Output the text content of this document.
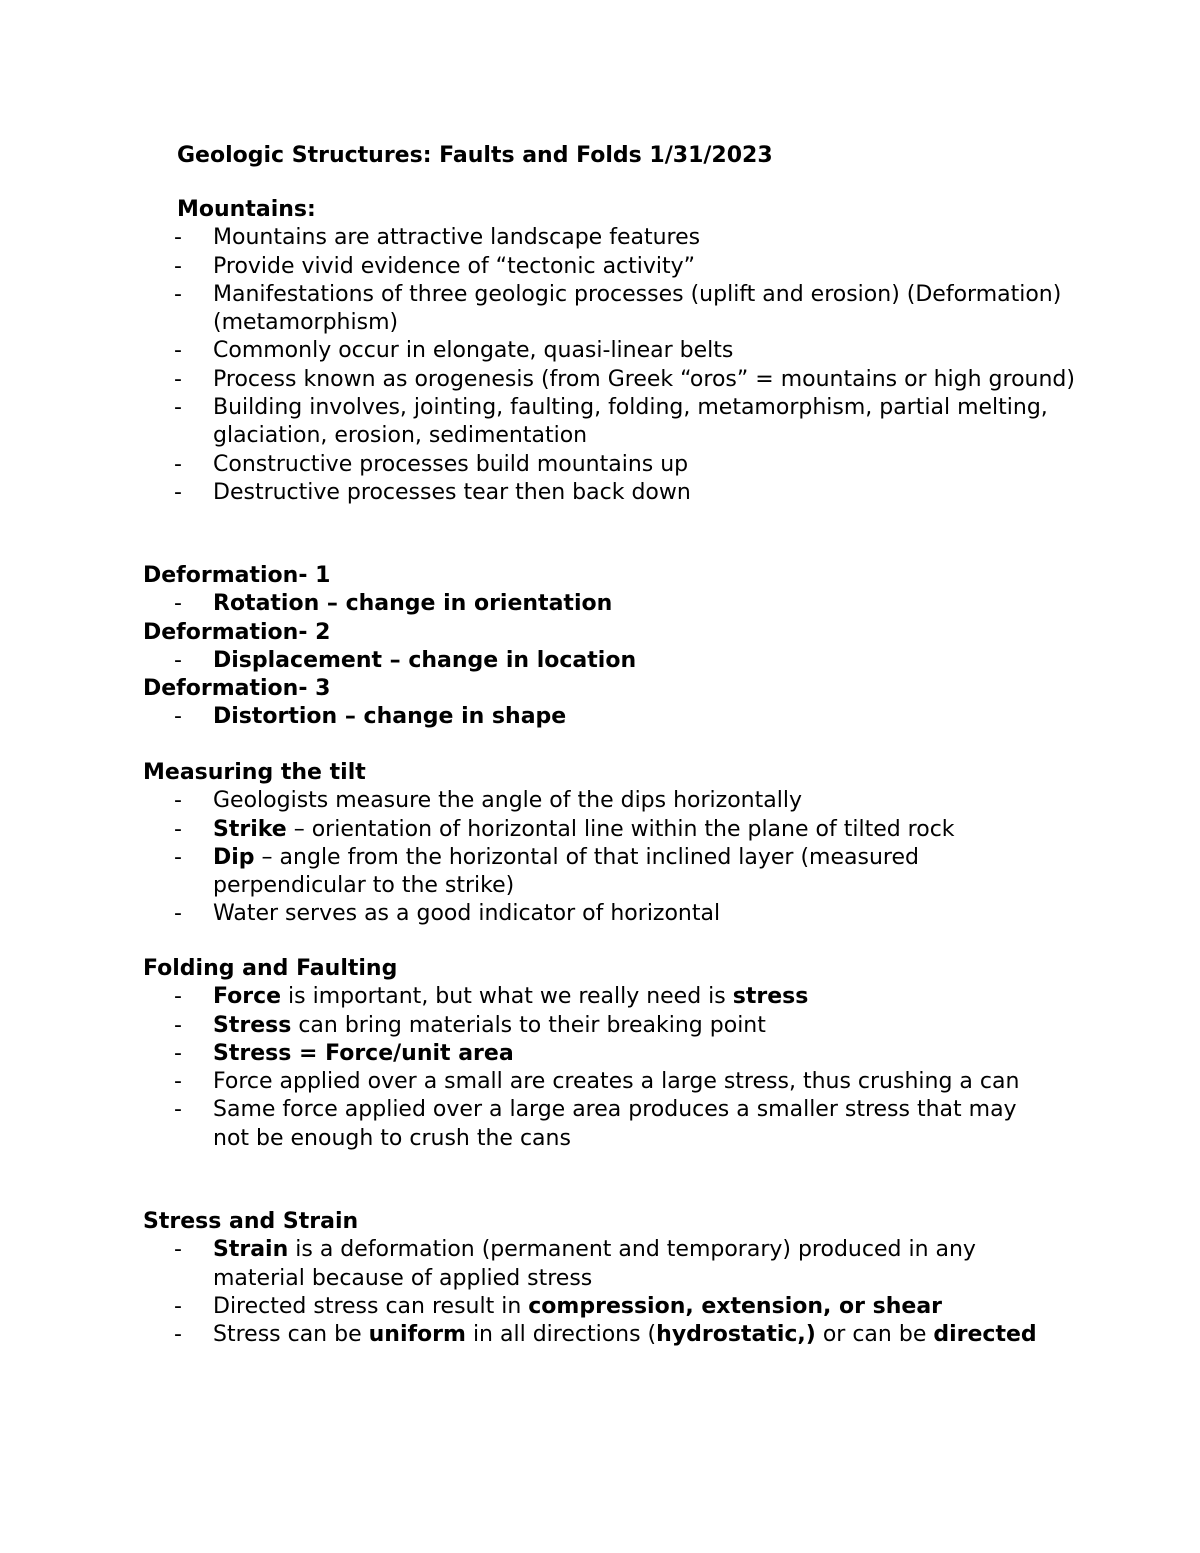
Geologic Structures: Faults and Folds 1/31/2023
Mountains:
- Mountains are attractive landscape features
- Provide vivid evidence of “tectonic activity”
- Manifestations of three geologic processes (uplift and erosion) (Deformation)(metamorphism)
- Commonly occur in elongate, quasi-linear belts
- Process known as orogenesis (from Greek “oros” = mountains or high ground)
- Building involves, jointing, faulting, folding, metamorphism, partial melting, glaciation, erosion, sedimentation
- Constructive processes build mountains up
- Destructive processes tear then back down
Deformation- 1
- Rotation – change in orientation
Deformation- 2
- Displacement – change in location
Deformation- 3
- Distortion – change in shape
Measuring the tilt
- Geologists measure the angle of the dips horizontally
- Strike – orientation of horizontal line within the plane of tilted rock
- Dip – angle from the horizontal of that inclined layer (measured perpendicular to the strike)
- Water serves as a good indicator of horizontal
Folding and Faulting
- Force is important, but what we really need is stress
- Stress can bring materials to their breaking point
- Stress = Force/unit area
- Force applied over a small are creates a large stress, thus crushing a can
- Same force applied over a large area produces a smaller stress that may not be enough to crush the cans
Stress and Strain
- Strain is a deformation (permanent and temporary) produced in any material because of applied stress
- Directed stress can result in compression, extension, or shear
- Stress can be uniform in all directions (hydrostatic,) or can be directed
